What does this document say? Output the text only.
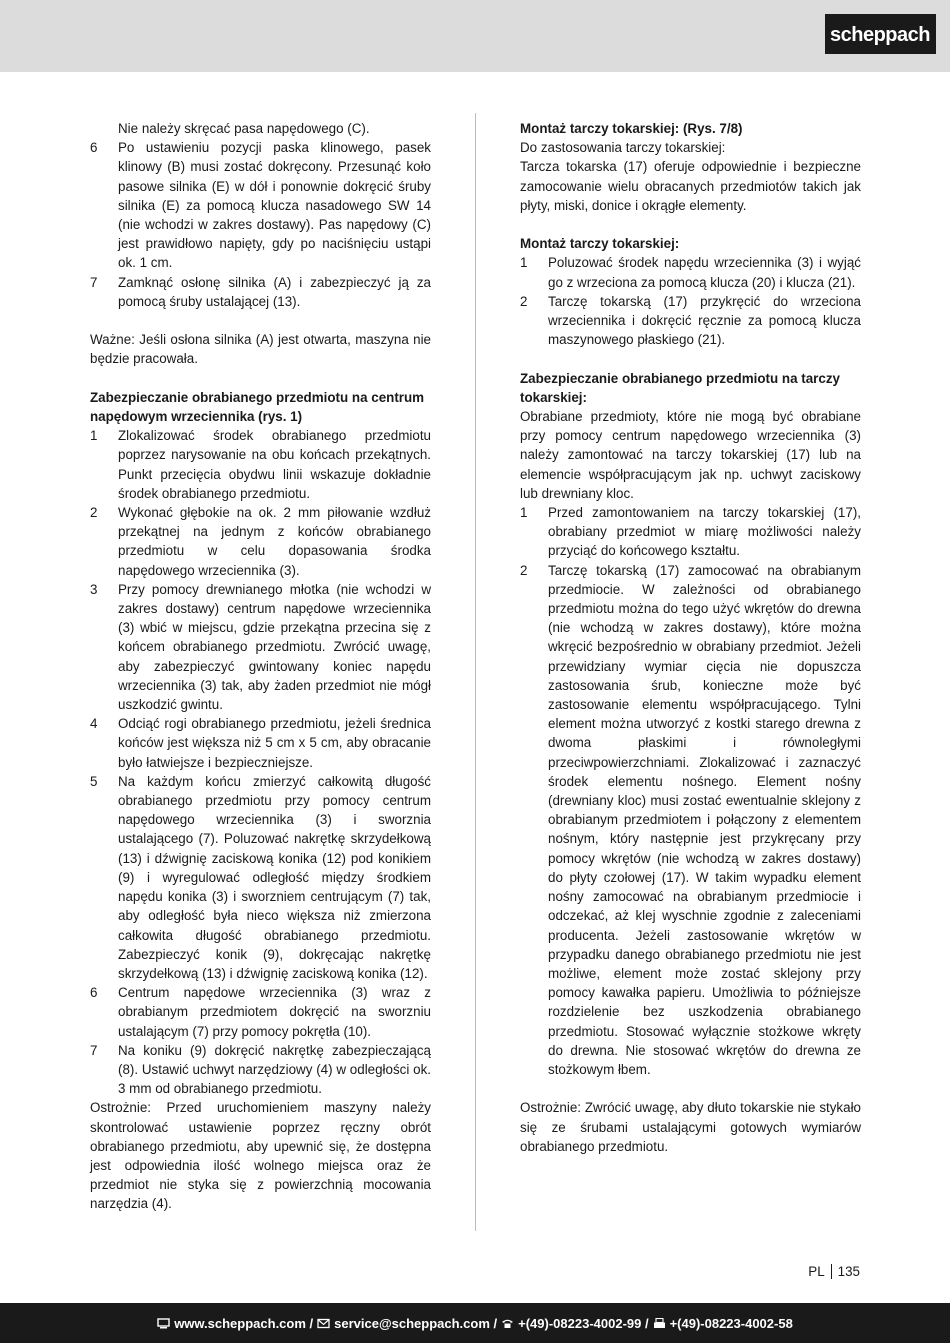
scheppach

Nie należy skręcać pasa napędowego (C).

6	Po ustawieniu pozycji paska klinowego, pasek klinowy (B) musi zostać dokręcony. Przesunąć koło pasowe silnika (E) w dół i ponownie dokręcić śruby silnika (E) za pomocą klucza nasadowego SW 14 (nie wchodzi w zakres dostawy). Pas napędowy (C) jest prawidłowo napięty, gdy po naciśnięciu ustąpi ok. 1 cm.
7	Zamknąć osłonę silnika (A) i zabezpieczyć ją za pomocą śruby ustalającej (13).

Ważne: Jeśli osłona silnika (A) jest otwarta, maszyna nie będzie pracowała.

Zabezpieczanie obrabianego przedmiotu na centrum napędowym wrzeciennika (rys. 1)

1	Zlokalizować środek obrabianego przedmiotu poprzez narysowanie na obu końcach przekątnych. Punkt przecięcia obydwu linii wskazuje dokładnie środek obrabianego przedmiotu.
2	Wykonać głębokie na ok. 2 mm piłowanie wzdłuż przekątnej na jednym z końców obrabianego przedmiotu w celu dopasowania środka napędowego wrzeciennika (3).
3	Przy pomocy drewnianego młotka (nie wchodzi w zakres dostawy) centrum napędowe wrzeciennika (3) wbić w miejscu, gdzie przekątna przecina się z końcem obrabianego przedmiotu. Zwrócić uwagę, aby zabezpieczyć gwintowany koniec napędu wrzeciennika (3) tak, aby żaden przedmiot nie mógł uszkodzić gwintu.
4	Odciąć rogi obrabianego przedmiotu, jeżeli średnica końców jest większa niż 5 cm x 5 cm, aby obracanie było łatwiejsze i bezpieczniejsze.
5	Na każdym końcu zmierzyć całkowitą długość obrabianego przedmiotu przy pomocy centrum napędowego wrzeciennika (3) i sworznia ustalającego (7). Poluzować nakrętkę skrzydełkową (13) i dźwignię zaciskową konika (12) pod konikiem (9) i wyregulować odległość między środkiem napędu konika (3) i sworzniem centrującym (7) tak, aby odległość była nieco większa niż zmierzona całkowita długość obrabianego przedmiotu. Zabezpieczyć konik (9), dokręcając nakrętkę skrzydełkową (13) i dźwignię zaciskową konika (12).
6	Centrum napędowe wrzeciennika (3) wraz z obrabianym przedmiotem dokręcić na sworzniu ustalającym (7) przy pomocy pokrętła (10).
7	Na koniku (9) dokręcić nakrętkę zabezpieczającą (8). Ustawić uchwyt narzędziowy (4) w odległości ok. 3 mm od obrabianego przedmiotu.

Ostrożnie: Przed uruchomieniem maszyny należy skontrolować ustawienie poprzez ręczny obrót obrabianego przedmiotu, aby upewnić się, że dostępna jest odpowiednia ilość wolnego miejsca oraz że przedmiot nie styka się z powierzchnią mocowania narzędzia (4).

Montaż tarczy tokarskiej: (Rys. 7/8)

Do zastosowania tarczy tokarskiej:

Tarcza tokarska (17) oferuje odpowiednie i bezpieczne zamocowanie wielu obracanych przedmiotów takich jak płyty, miski, donice i okrągłe elementy.

Montaż tarczy tokarskiej:

1	Poluzować środek napędu wrzeciennika (3) i wyjąć go z wrzeciona za pomocą klucza (20) i klucza (21).
2	Tarczę tokarską (17) przykręcić do wrzeciona wrzeciennika i dokręcić ręcznie za pomocą klucza maszynowego płaskiego (21).

Zabezpieczanie obrabianego przedmiotu na tarczy tokarskiej:

Obrabiane przedmioty, które nie mogą być obrabiane przy pomocy centrum napędowego wrzeciennika (3) należy zamontować na tarczy tokarskiej (17) lub na elemencie współpracującym jak np. uchwyt zaciskowy lub drewniany kloc.

1	Przed zamontowaniem na tarczy tokarskiej (17), obrabiany przedmiot w miarę możliwości należy przyciąć do końcowego kształtu.
2	Tarczę tokarską (17) zamocować na obrabianym przedmiocie. W zależności od obrabianego przedmiotu można do tego użyć wkrętów do drewna (nie wchodzą w zakres dostawy), które można wkręcić bezpośrednio w obrabiany przedmiot. Jeżeli przewidziany wymiar cięcia nie dopuszcza zastosowania śrub, konieczne może być zastosowanie elementu współpracującego. Tylni element można utworzyć z kostki starego drewna z dwoma płaskimi i równoległymi przeciwpowierzchniami. Zlokalizować i zaznaczyć środek elementu nośnego. Element nośny (drewniany kloc) musi zostać ewentualnie sklejony z obrabianym przedmiotem i połączony z elementem nośnym, który następnie jest przykręcany przy pomocy wkrętów (nie wchodzą w zakres dostawy) do płyty czołowej (17). W takim wypadku element nośny zamocować na obrabianym przedmiocie i odczekać, aż klej wyschnie zgodnie z zaleceniami producenta. Jeżeli zastosowanie wkrętów w przypadku danego obrabianego przedmiotu nie jest możliwe, element może zostać sklejony przy pomocy kawałka papieru. Umożliwia to późniejsze rozdzielenie bez uszkodzenia obrabianego przedmiotu. Stosować wyłącznie stożkowe wkręty do drewna. Nie stosować wkrętów do drewna ze stożkowym łbem.

Ostrożnie: Zwrócić uwagę, aby dłuto tokarskie nie stykało się ze śrubami ustalającymi gotowych wymiarów obrabianego przedmiotu.

PL 135
www.scheppach.com / service@scheppach.com / +(49)-08223-4002-99 / +(49)-08223-4002-58
